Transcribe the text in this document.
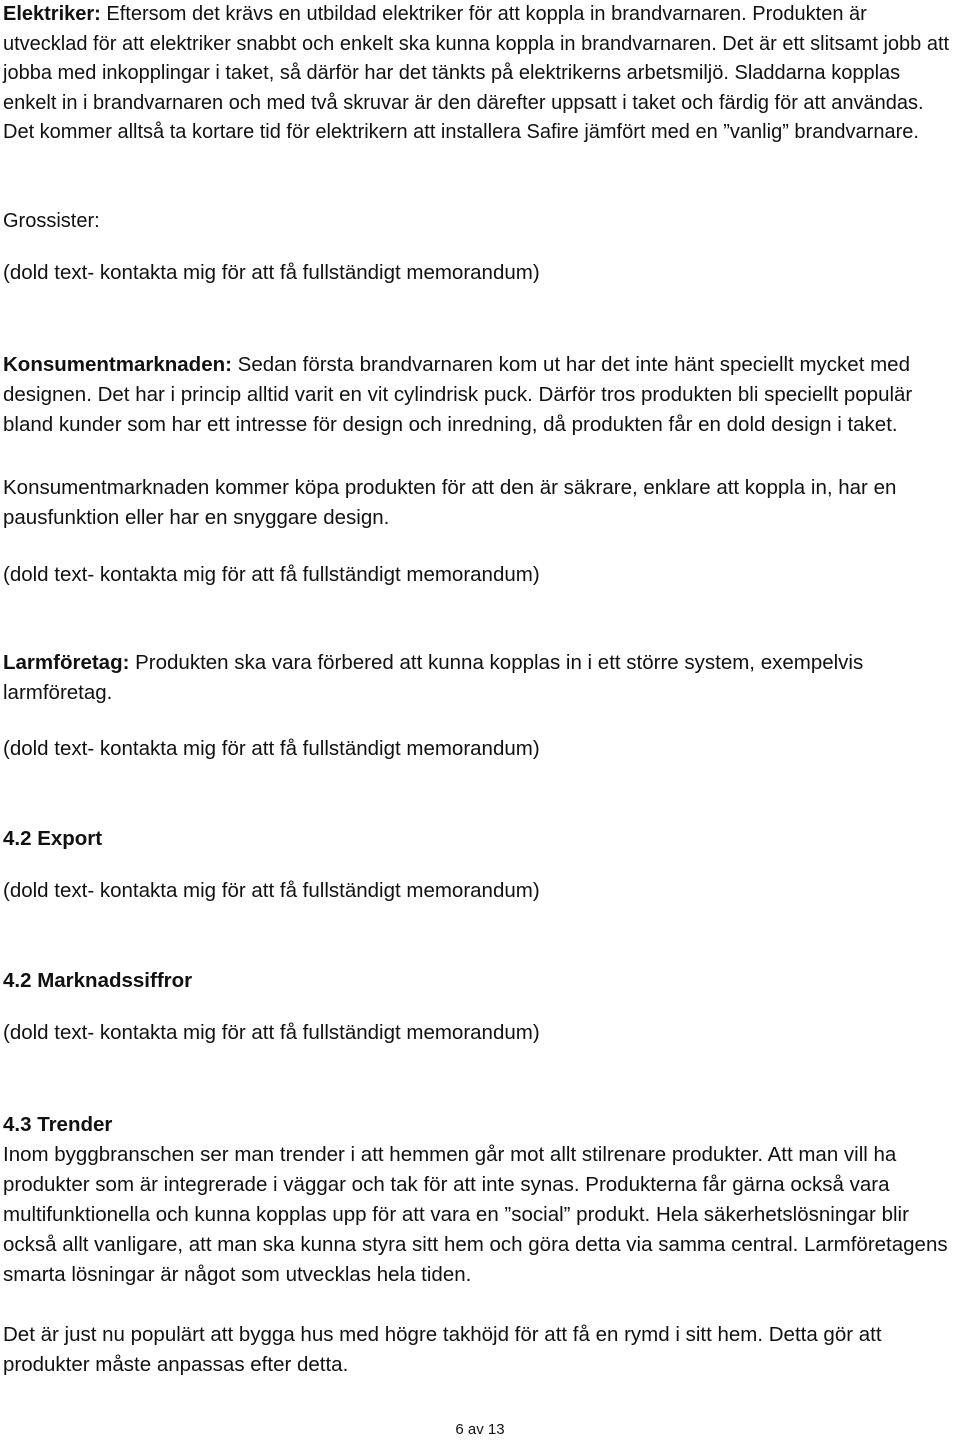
Elektriker: Eftersom det krävs en utbildad elektriker för att koppla in brandvarnaren. Produkten är utvecklad för att elektriker snabbt och enkelt ska kunna koppla in brandvarnaren. Det är ett slitsamt jobb att jobba med inkopplingar i taket, så därför har det tänkts på elektrikerns arbetsmiljö. Sladdarna kopplas enkelt in i brandvarnaren och med två skruvar är den därefter uppsatt i taket och färdig för att användas. Det kommer alltså ta kortare tid för elektrikern att installera Safire jämfört med en ”vanlig” brandvarnare.

Grossister:

(dold text- kontakta mig för att få fullständigt memorandum)

Konsumentmarknaden: Sedan första brandvarnaren kom ut har det inte hänt speciellt mycket med designen. Det har i princip alltid varit en vit cylindrisk puck. Därför tros produkten bli speciellt populär bland kunder som har ett intresse för design och inredning, då produkten får en dold design i taket.

Konsumentmarknaden kommer köpa produkten för att den är säkrare, enklare att koppla in, har en pausfunktion eller har en snyggare design.

(dold text- kontakta mig för att få fullständigt memorandum)

Larmföretag: Produkten ska vara förbered att kunna kopplas in i ett större system, exempelvis larmföretag.

(dold text- kontakta mig för att få fullständigt memorandum)

4.2 Export

(dold text- kontakta mig för att få fullständigt memorandum)

4.2 Marknadssiffror

(dold text- kontakta mig för att få fullständigt memorandum)

4.3 Trender

Inom byggbranschen ser man trender i att hemmen går mot allt stilrenare produkter. Att man vill ha produkter som är integrerade i väggar och tak för att inte synas. Produkterna får gärna också vara multifunktionella och kunna kopplas upp för att vara en ”social” produkt. Hela säkerhetslösningar blir också allt vanligare, att man ska kunna styra sitt hem och göra detta via samma central. Larmföretagens smarta lösningar är något som utvecklas hela tiden.

Det är just nu populärt att bygga hus med högre takhöjd för att få en rymd i sitt hem. Detta gör att produkter måste anpassas efter detta.

6 av 13
